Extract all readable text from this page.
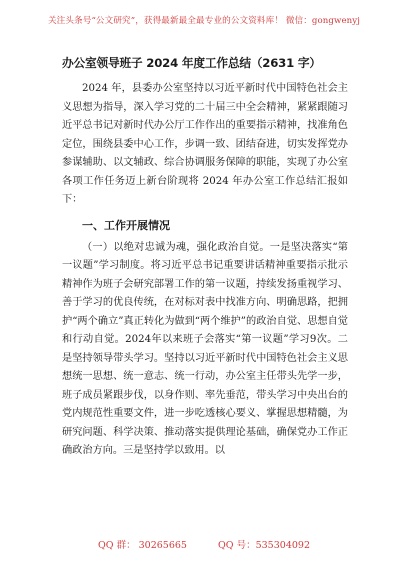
关注头条号“公文研究”，获得最新最全最专业的公文资料库！ 微信：gongwenyj
办公室领导班子 2024 年度工作总结（2631 字）

2024 年，县委办公室坚持以习近平新时代中国特色社会主义思想为指导，深入学习党的二十届三中全会精神，紧紧跟随习近平总书记对新时代办公厅工作作出的重要指示精神，找准角色定位，围绕县委中心工作，步调一致、团结奋进，切实发挥党办参谋辅助、以文辅政、综合协调服务保障的职能，实现了办公室各项工作任务迈上新台阶现将 2024 年办公室工作总结汇报如下：

一、工作开展情况

（一）以绝对忠诚为魂，强化政治自觉。一是坚决落实“第一议题”学习制度。将习近平总书记重要讲话精神重要指示批示精神作为班子会研究部署工作的第一议题，持续发扬重视学习、善于学习的优良传统，在对标对表中找准方向、明确思路，把拥护“两个确立”真正转化为做到“两个维护”的政治自觉、思想自觉和行动自觉。2024年以来班子会落实“第一议题”学习9次。二是坚持领导带头学习。坚持以习近平新时代中国特色社会主义思想统一思想、统一意志、统一行动，办公室主任带头先学一步，班子成员紧跟步伐，以身作则、率先垂范，带头学习中央出台的党内规范性重要文件，进一步吃透核心要义、掌握思想精髓，为研究问题、科学决策、推动落实提供理论基础，确保党办工作正确政治方向。三是坚持学以致用。以

QQ 群： 30265665	QQ 号：535304092
